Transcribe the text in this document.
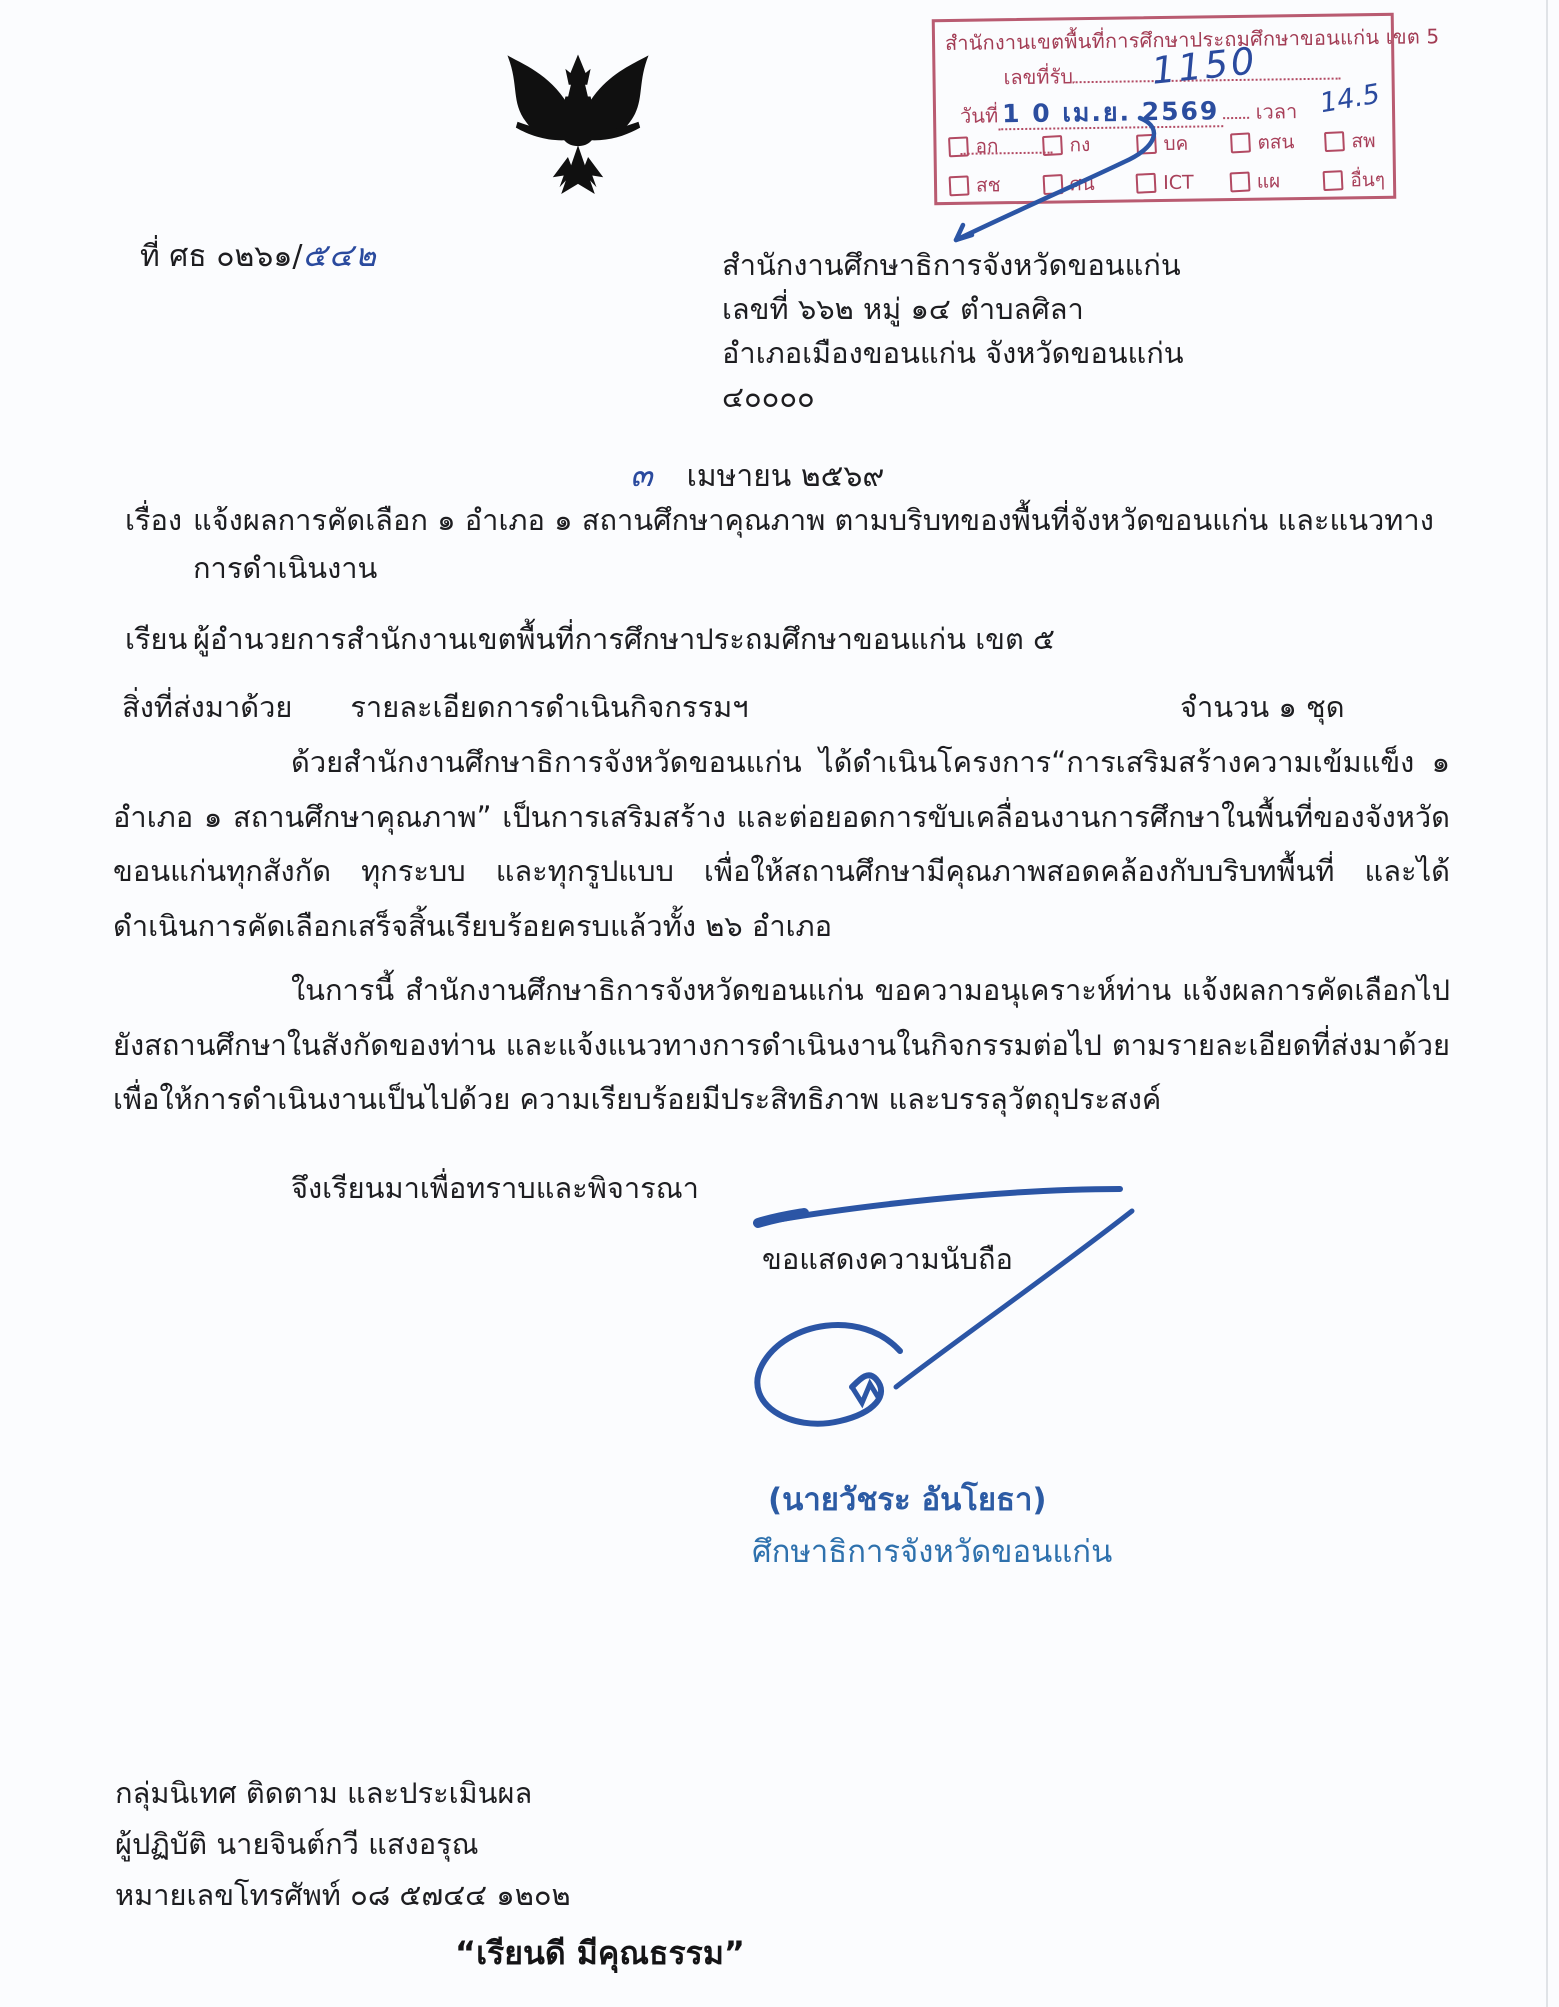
สำนักงานเขตพื้นที่การศึกษาประถมศึกษาขอนแก่น เขต 5
เลขที่รับ 1150
วันที่ 1 0 เม.ย. 2569 เวลา 14.5
อก	กง	บค	ตสน	สพ
สช	ศน	ICT	แผ	อื่นๆ
ที่ ศธ ๐๒๖๑/๕๔๒	สำนักงานศึกษาธิการจังหวัดขอนแก่น
เลขที่ ๖๖๒ หมู่ ๑๔ ตำบลศิลา
อำเภอเมืองขอนแก่น จังหวัดขอนแก่น
๔๐๐๐๐
๓ เมษายน ๒๕๖๙
เรื่อง แจ้งผลการคัดเลือก ๑ อำเภอ ๑ สถานศึกษาคุณภาพ ตามบริบทของพื้นที่จังหวัดขอนแก่น และแนวทาง
การดำเนินงาน
เรียน ผู้อำนวยการสำนักงานเขตพื้นที่การศึกษาประถมศึกษาขอนแก่น เขต ๕
สิ่งที่ส่งมาด้วย รายละเอียดการดำเนินกิจกรรมฯ	จำนวน ๑ ชุด

ด้วยสำนักงานศึกษาธิการจังหวัดขอนแก่น ได้ดำเนินโครงการ“การเสริมสร้างความเข้มแข็ง ๑ อำเภอ ๑ สถานศึกษาคุณภาพ” เป็นการเสริมสร้าง และต่อยอดการขับเคลื่อนงานการศึกษาในพื้นที่ของจังหวัดขอนแก่นทุกสังกัด ทุกระบบ และทุกรูปแบบ เพื่อให้สถานศึกษามีคุณภาพสอดคล้องกับบริบทพื้นที่ และได้ดำเนินการคัดเลือกเสร็จสิ้นเรียบร้อยครบแล้วทั้ง ๒๖ อำเภอ

ในการนี้ สำนักงานศึกษาธิการจังหวัดขอนแก่น ขอความอนุเคราะห์ท่าน แจ้งผลการคัดเลือกไปยังสถานศึกษาในสังกัดของท่าน และแจ้งแนวทางการดำเนินงานในกิจกรรมต่อไป ตามรายละเอียดที่ส่งมาด้วย เพื่อให้การดำเนินงานเป็นไปด้วย ความเรียบร้อยมีประสิทธิภาพ และบรรลุวัตถุประสงค์

จึงเรียนมาเพื่อทราบและพิจารณา

ขอแสดงความนับถือ
(นายวัชระ อันโยธา)
ศึกษาธิการจังหวัดขอนแก่น
กลุ่มนิเทศ ติดตาม และประเมินผล
ผู้ปฏิบัติ นายจินต์กวี แสงอรุณ
หมายเลขโทรศัพท์ ๐๘ ๕๗๔๔ ๑๒๐๒
“เรียนดี มีคุณธรรม”
